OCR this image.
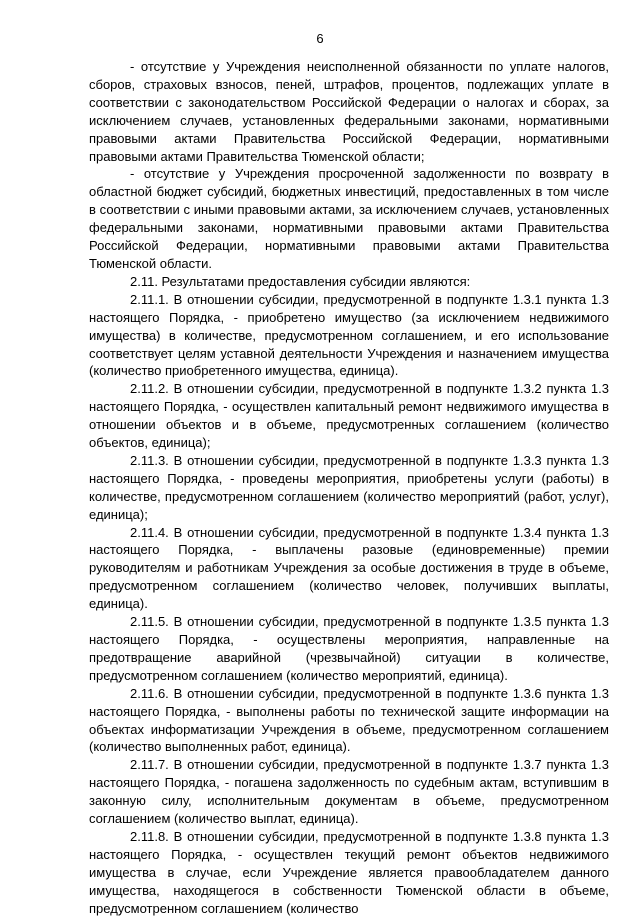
6

- отсутствие у Учреждения неисполненной обязанности по уплате налогов, сборов, страховых взносов, пеней, штрафов, процентов, подлежащих уплате в соответствии с законодательством Российской Федерации о налогах и сборах, за исключением случаев, установленных федеральными законами, нормативными правовыми актами Правительства Российской Федерации, нормативными правовыми актами Правительства Тюменской области;

- отсутствие у Учреждения просроченной задолженности по возврату в областной бюджет субсидий, бюджетных инвестиций, предоставленных в том числе в соответствии с иными правовыми актами, за исключением случаев, установленных федеральными законами, нормативными правовыми актами Правительства Российской Федерации, нормативными правовыми актами Правительства Тюменской области.

2.11. Результатами предоставления субсидии являются:

2.11.1. В отношении субсидии, предусмотренной в подпункте 1.3.1 пункта 1.3 настоящего Порядка, - приобретено имущество (за исключением недвижимого имущества) в количестве, предусмотренном соглашением, и его использование соответствует целям уставной деятельности Учреждения и назначением имущества (количество приобретенного имущества, единица).

2.11.2. В отношении субсидии, предусмотренной в подпункте 1.3.2 пункта 1.3 настоящего Порядка, - осуществлен капитальный ремонт недвижимого имущества в отношении объектов и в объеме, предусмотренных соглашением (количество объектов, единица);

2.11.3. В отношении субсидии, предусмотренной в подпункте 1.3.3 пункта 1.3 настоящего Порядка, - проведены мероприятия, приобретены услуги (работы) в количестве, предусмотренном соглашением (количество мероприятий (работ, услуг), единица);

2.11.4. В отношении субсидии, предусмотренной в подпункте 1.3.4 пункта 1.3 настоящего Порядка, - выплачены разовые (единовременные) премии руководителям и работникам Учреждения за особые достижения в труде в объеме, предусмотренном соглашением (количество человек, получивших выплаты, единица).

2.11.5. В отношении субсидии, предусмотренной в подпункте 1.3.5 пункта 1.3 настоящего Порядка, - осуществлены мероприятия, направленные на предотвращение аварийной (чрезвычайной) ситуации в количестве, предусмотренном соглашением (количество мероприятий, единица).

2.11.6. В отношении субсидии, предусмотренной в подпункте 1.3.6 пункта 1.3 настоящего Порядка, - выполнены работы по технической защите информации на объектах информатизации Учреждения в объеме, предусмотренном соглашением (количество выполненных работ, единица).

2.11.7. В отношении субсидии, предусмотренной в подпункте 1.3.7 пункта 1.3 настоящего Порядка, - погашена задолженность по судебным актам, вступившим в законную силу, исполнительным документам в объеме, предусмотренном соглашением (количество выплат, единица).

2.11.8. В отношении субсидии, предусмотренной в подпункте 1.3.8 пункта 1.3 настоящего Порядка, - осуществлен текущий ремонт объектов недвижимого имущества в случае, если Учреждение является правообладателем данного имущества, находящегося в собственности Тюменской области в объеме, предусмотренном соглашением (количество
